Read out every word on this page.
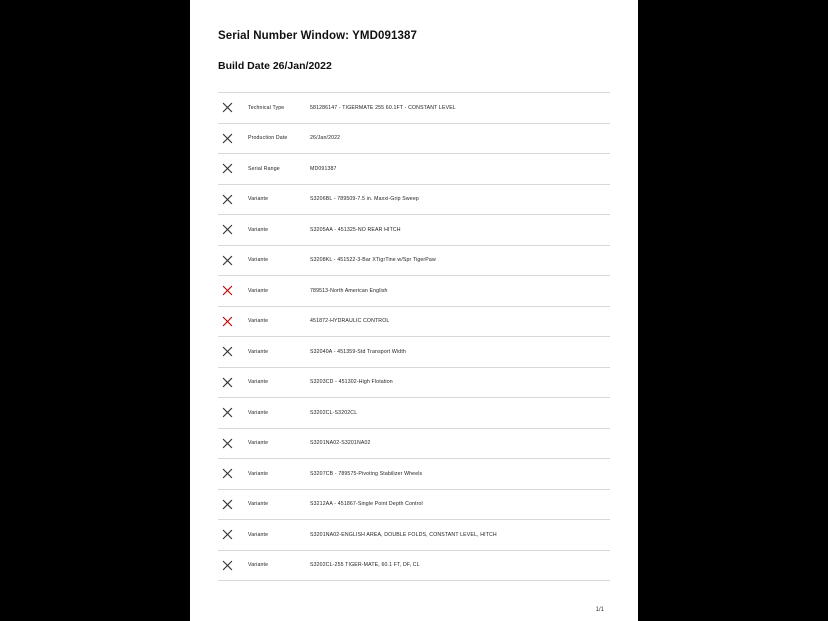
Serial Number Window: YMD091387
Build Date 26/Jan/2022
Technical Type	581286147 - TIGERMATE 255 60.1FT - CONSTANT LEVEL
Production Date	26/Jan/2022
Serial Range	MD091387
Variante	S3206BL - 789509-7.5 in. Maxxi-Grip Sweep
Variante	S3205AA - 451325-NO REAR HITCH
Variante	S3208KL - 451522-3-Bar XTigrTine w/Spr TigerPaw
Variante	789513-North American English
Variante	451872-HYDRAULIC CONTROL
Variante	S32040A - 451359-Std Transport Width
Variante	S3203CD - 451302-High Flotation
Variante	S3202CL-S3202CL
Variante	S3201NA02-S3201NA02
Variante	S3207CB - 789575-Pivoting Stabilizer Wheels
Variante	S3212AA - 451867-Single Point Depth Control
Variante	S3201NA02-ENGLISH AREA, DOUBLE FOLDS, CONSTANT LEVEL, HITCH
Variante	S3202CL-255 TIGER-MATE, 60.1 FT, DF, CL
1/1
